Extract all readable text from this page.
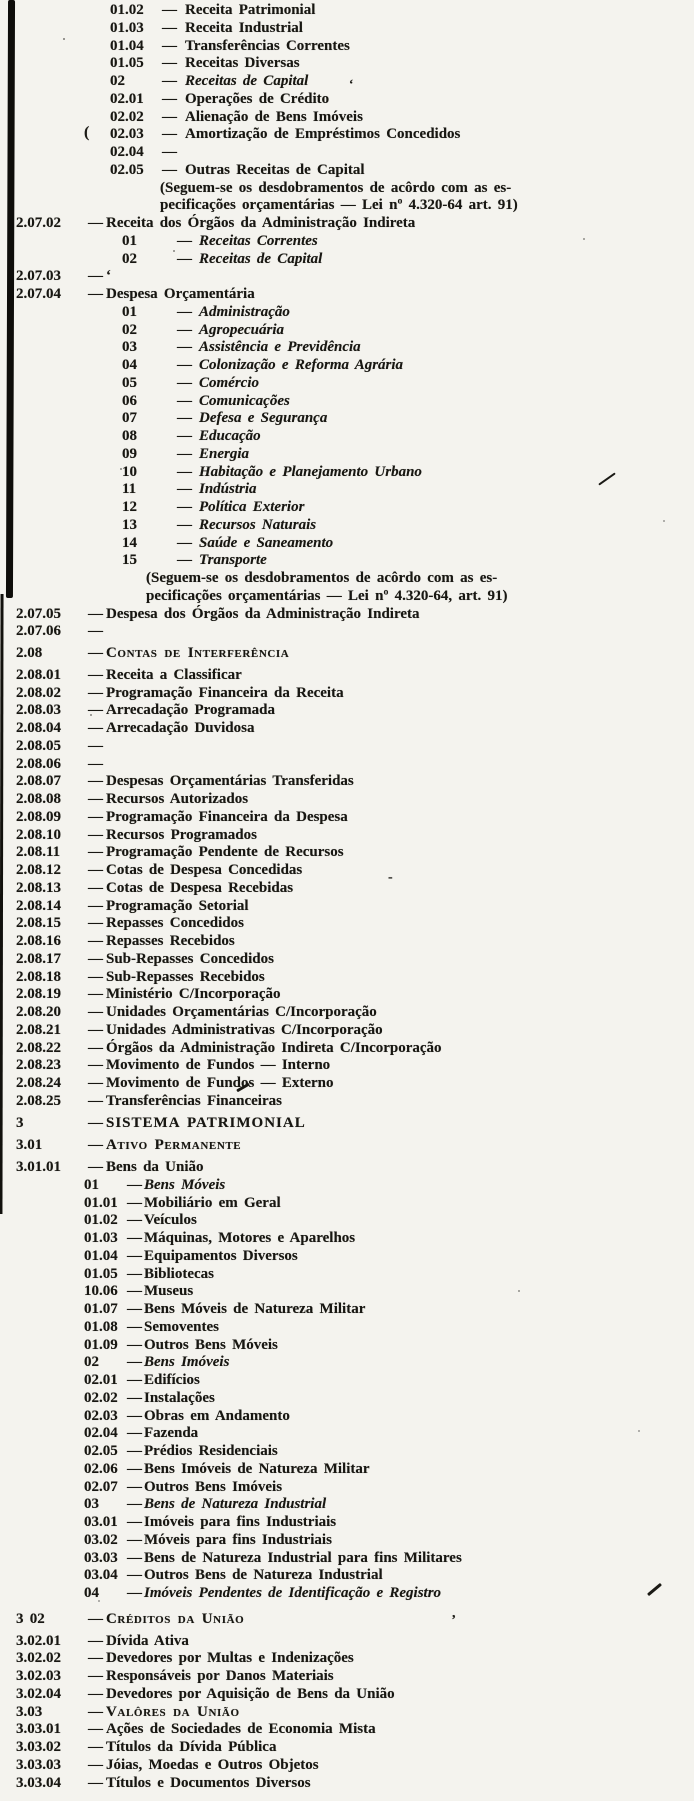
01.02	— Receita Patrimonial
01.03	— Receita Industrial
01.04	— Transferências Correntes
01.05	— Receitas Diversas
02	— Receitas de Capital
02.01	— Operações de Crédito
02.02	— Alienação de Bens Imóveis
02.03	— Amortização de Empréstimos Concedidos
02.04	—
02.05	— Outras Receitas de Capital
(Seguem-se os desdobramentos de acôrdo com as es-
pecificações orçamentárias — Lei nº 4.320-64 art. 91)
2.07.02	— Receita dos Órgãos da Administração Indireta
01	— Receitas Correntes
02	— Receitas de Capital
2.07.03	— ‘
2.07.04	— Despesa Orçamentária
01	— Administração
02	— Agropecuária
03	— Assistência e Previdência
04	— Colonização e Reforma Agrária
05	— Comércio
06	— Comunicações
07	— Defesa e Segurança
08	— Educação
09	— Energia
10	— Habitação e Planejamento Urbano
11	— Indústria
12	— Política Exterior
13	— Recursos Naturais
14	— Saúde e Saneamento
15	— Transporte
(Seguem-se os desdobramentos de acôrdo com as es-
pecificações orçamentárias — Lei nº 4.320-64, art. 91)
2.07.05	— Despesa dos Órgãos da Administração Indireta
2.07.06	—
2.08	— Contas de Interferência
2.08.01	— Receita a Classificar
2.08.02	— Programação Financeira da Receita
2.08.03	— Arrecadação Programada
2.08.04	— Arrecadação Duvidosa
2.08.05	—
2.08.06	—
2.08.07	— Despesas Orçamentárias Transferidas
2.08.08	— Recursos Autorizados
2.08.09	— Programação Financeira da Despesa
2.08.10	— Recursos Programados
2.08.11	— Programação Pendente de Recursos
2.08.12	— Cotas de Despesa Concedidas
2.08.13	— Cotas de Despesa Recebidas
2.08.14	— Programação Setorial
2.08.15	— Repasses Concedidos
2.08.16	— Repasses Recebidos
2.08.17	— Sub-Repasses Concedidos
2.08.18	— Sub-Repasses Recebidos
2.08.19	— Ministério C/Incorporação
2.08.20	— Unidades Orçamentárias C/Incorporação
2.08.21	— Unidades Administrativas C/Incorporação
2.08.22	— Órgãos da Administração Indireta C/Incorporação
2.08.23	— Movimento de Fundos — Interno
2.08.24	— Movimento de Fundos — Externo
2.08.25	— Transferências Financeiras
3	— SISTEMA PATRIMONIAL
3.01	— Ativo Permanente
3.01.01	— Bens da União
01	— Bens Móveis
01.01 — Mobiliário em Geral
01.02 — Veículos
01.03 — Máquinas, Motores e Aparelhos
01.04 — Equipamentos Diversos
01.05 — Bibliotecas
10.06 — Museus
01.07 — Bens Móveis de Natureza Militar
01.08 — Semoventes
01.09 — Outros Bens Móveis
02	— Bens Imóveis
02.01 — Edifícios
02.02 — Instalações
02.03 — Obras em Andamento
02.04 — Fazenda
02.05 — Prédios Residenciais
02.06 — Bens Imóveis de Natureza Militar
02.07 — Outros Bens Imóveis
03	— Bens de Natureza Industrial
03.01 — Imóveis para fins Industriais
03.02 — Móveis para fins Industriais
03.03 — Bens de Natureza Industrial para fins Militares
03.04 — Outros Bens de Natureza Industrial
04	— Imóveis Pendentes de Identificação e Registro
3 02	— Créditos da União
3.02.01	— Dívida Ativa
3.02.02	— Devedores por Multas e Indenizações
3.02.03	— Responsáveis por Danos Materiais
3.02.04	— Devedores por Aquisição de Bens da União
3.03	— Valôres da União
3.03.01	— Ações de Sociedades de Economia Mista
3.03.02	— Títulos da Dívida Pública
3.03.03	— Jóias, Moedas e Outros Objetos
3.03.04	— Títulos e Documentos Diversos
(
‘
-
,
